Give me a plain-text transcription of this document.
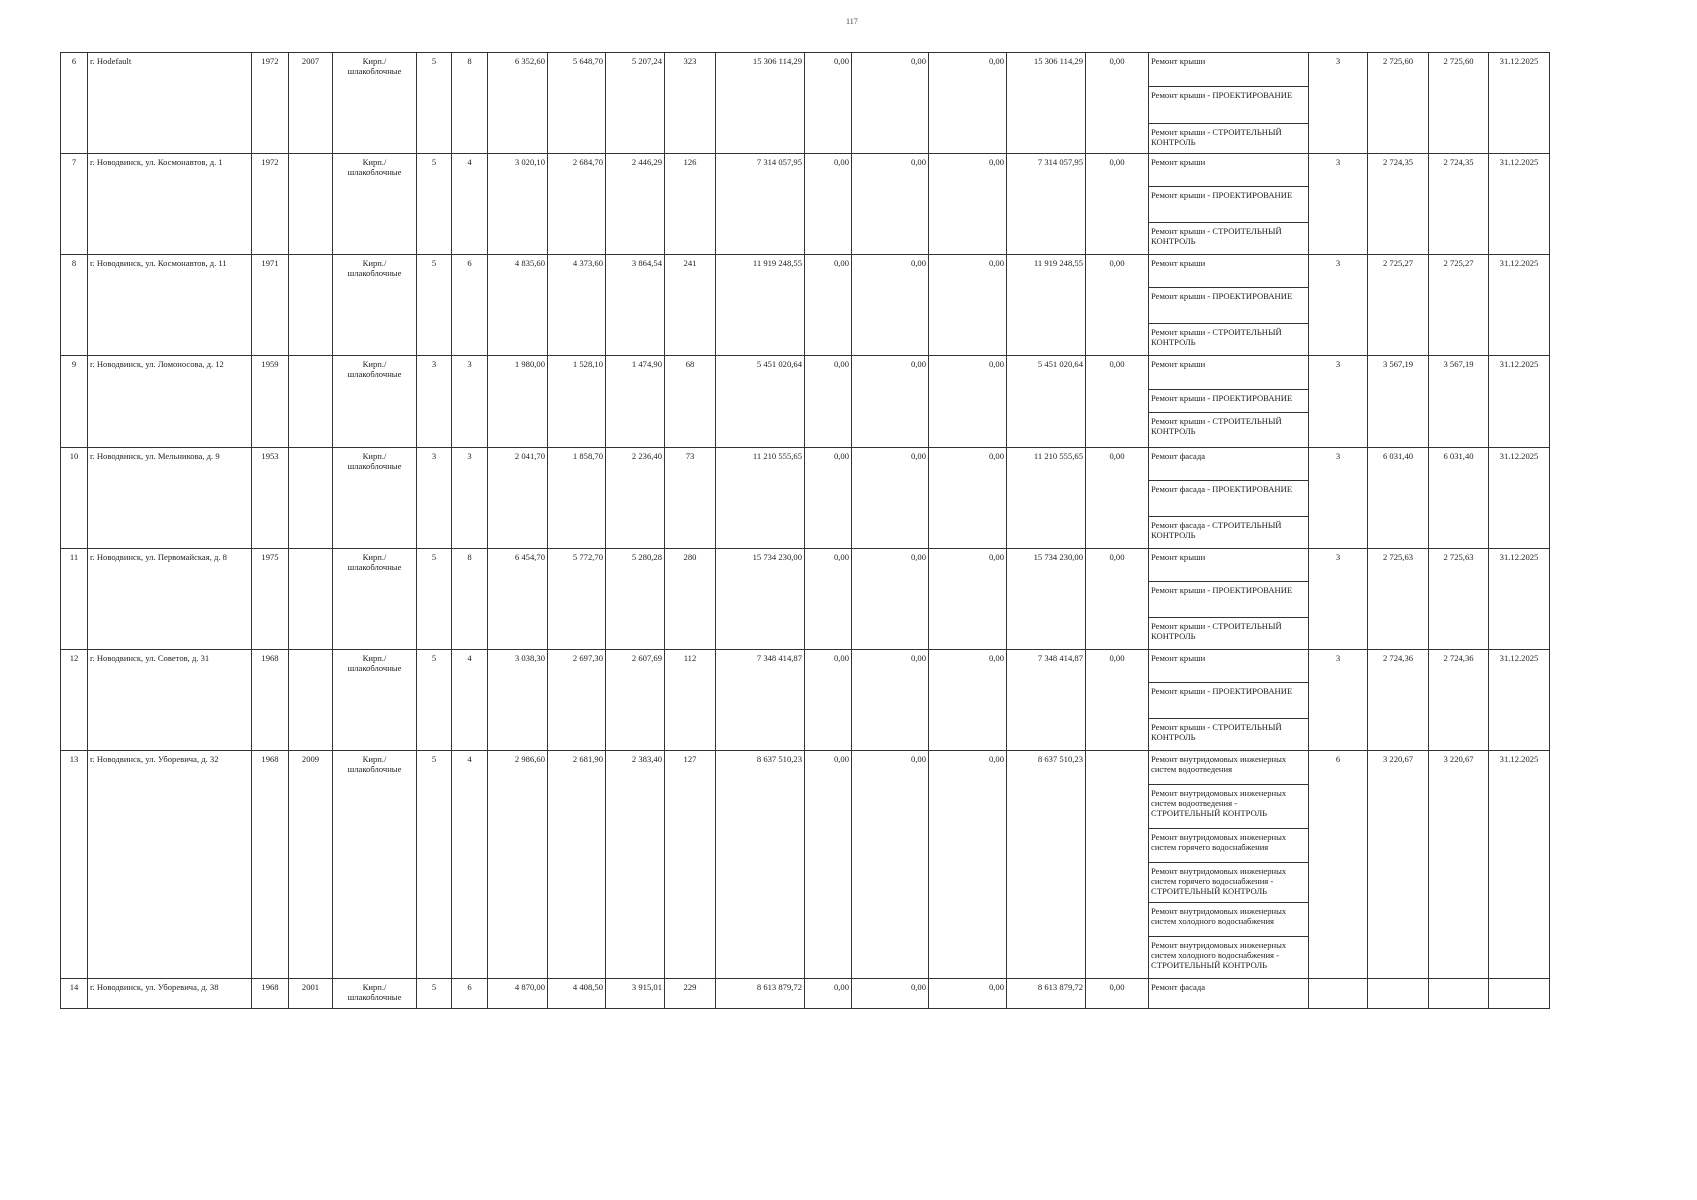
117
6	г. Ноdefault	1972	2007	Кирп./ шлакоблочные	5	8	6 352,60	5 648,70	5 207,24	323	15 306 114,29	0,00	0,00	0,00	15 306 114,29	0,00	Ремонт крыши	3	2 725,60	2 725,60	31.12.2025
																	Ремонт крыши - ПРОЕКТИРОВАНИЕ				
																	Ремонт крыши - СТРОИТЕЛЬНЫЙ КОНТРОЛЬ				
7	г. Новодвинск, ул. Космонавтов, д. 1	1972		Кирп./ шлакоблочные	5	4	3 020,10	2 684,70	2 446,29	126	7 314 057,95	0,00	0,00	0,00	7 314 057,95	0,00	Ремонт крыши	3	2 724,35	2 724,35	31.12.2025
																	Ремонт крыши - ПРОЕКТИРОВАНИЕ				
																	Ремонт крыши - СТРОИТЕЛЬНЫЙ КОНТРОЛЬ				
8	г. Новодвинск, ул. Космонавтов, д. 11	1971		Кирп./ шлакоблочные	5	6	4 835,60	4 373,60	3 864,54	241	11 919 248,55	0,00	0,00	0,00	11 919 248,55	0,00	Ремонт крыши	3	2 725,27	2 725,27	31.12.2025
																	Ремонт крыши - ПРОЕКТИРОВАНИЕ				
																	Ремонт крыши - СТРОИТЕЛЬНЫЙ КОНТРОЛЬ				
9	г. Новодвинск, ул. Ломоносова, д. 12	1959		Кирп./ шлакоблочные	3	3	1 980,00	1 528,10	1 474,90	68	5 451 020,64	0,00	0,00	0,00	5 451 020,64	0,00	Ремонт крыши	3	3 567,19	3 567,19	31.12.2025
																	Ремонт крыши - ПРОЕКТИРОВАНИЕ				
																	Ремонт крыши - СТРОИТЕЛЬНЫЙ КОНТРОЛЬ				
10	г. Новодвинск, ул. Мельникова, д. 9	1953		Кирп./ шлакоблочные	3	3	2 041,70	1 858,70	2 236,40	73	11 210 555,65	0,00	0,00	0,00	11 210 555,65	0,00	Ремонт фасада	3	6 031,40	6 031,40	31.12.2025
																	Ремонт фасада - ПРОЕКТИРОВАНИЕ				
																	Ремонт фасада - СТРОИТЕЛЬНЫЙ КОНТРОЛЬ				
11	г. Новодвинск, ул. Первомайская, д. 8	1975		Кирп./ шлакоблочные	5	8	6 454,70	5 772,70	5 280,28	280	15 734 230,00	0,00	0,00	0,00	15 734 230,00	0,00	Ремонт крыши	3	2 725,63	2 725,63	31.12.2025
																	Ремонт крыши - ПРОЕКТИРОВАНИЕ				
																	Ремонт крыши - СТРОИТЕЛЬНЫЙ КОНТРОЛЬ				
12	г. Новодвинск, ул. Советов, д. 31	1968		Кирп./ шлакоблочные	5	4	3 038,30	2 697,30	2 607,69	112	7 348 414,87	0,00	0,00	0,00	7 348 414,87	0,00	Ремонт крыши	3	2 724,36	2 724,36	31.12.2025
																	Ремонт крыши - ПРОЕКТИРОВАНИЕ				
																	Ремонт крыши - СТРОИТЕЛЬНЫЙ КОНТРОЛЬ				
13	г. Новодвинск, ул. Уборевича, д. 32	1968	2009	Кирп./ шлакоблочные	5	4	2 986,60	2 681,90	2 383,40	127	8 637 510,23	0,00	0,00	0,00	8 637 510,23		Ремонт внутридомовых инженерных систем водоотведения	6	3 220,67	3 220,67	31.12.2025
																	Ремонт внутридомовых инженерных систем водоотведения - СТРОИТЕЛЬНЫЙ КОНТРОЛЬ				
																	Ремонт внутридомовых инженерных систем горячего водоснабжения				
																	Ремонт внутридомовых инженерных систем горячего водоснабжения - СТРОИТЕЛЬНЫЙ КОНТРОЛЬ				
																	Ремонт внутридомовых инженерных систем холодного водоснабжения				
																	Ремонт внутридомовых инженерных систем холодного водоснабжения - СТРОИТЕЛЬНЫЙ КОНТРОЛЬ				
14	г. Новодвинск, ул. Уборевича, д. 38	1968	2001	Кирп./ шлакоблочные	5	6	4 870,00	4 408,50	3 915,01	229	8 613 879,72	0,00	0,00	0,00	8 613 879,72	0,00	Ремонт фасада				
